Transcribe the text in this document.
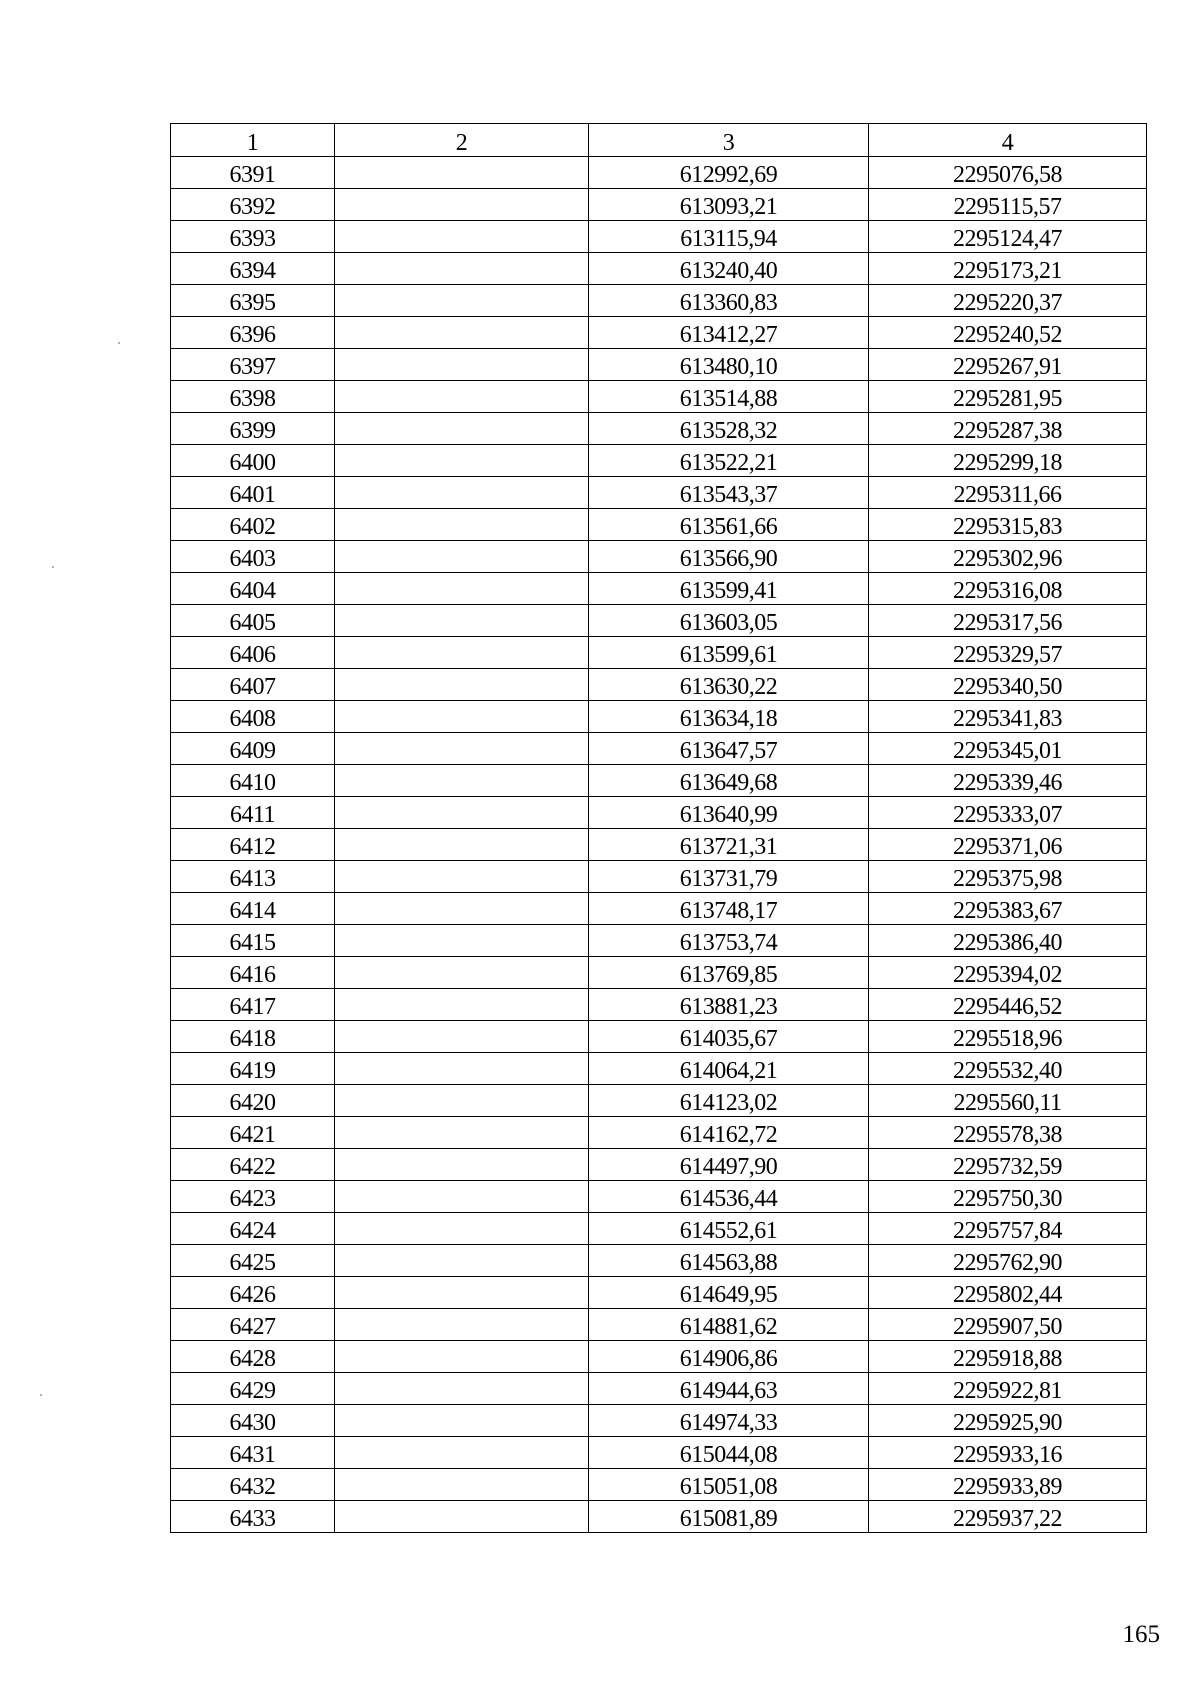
1	2	3	4
6391		612992,69	2295076,58
6392		613093,21	2295115,57
6393		613115,94	2295124,47
6394		613240,40	2295173,21
6395		613360,83	2295220,37
6396		613412,27	2295240,52
6397		613480,10	2295267,91
6398		613514,88	2295281,95
6399		613528,32	2295287,38
6400		613522,21	2295299,18
6401		613543,37	2295311,66
6402		613561,66	2295315,83
6403		613566,90	2295302,96
6404		613599,41	2295316,08
6405		613603,05	2295317,56
6406		613599,61	2295329,57
6407		613630,22	2295340,50
6408		613634,18	2295341,83
6409		613647,57	2295345,01
6410		613649,68	2295339,46
6411		613640,99	2295333,07
6412		613721,31	2295371,06
6413		613731,79	2295375,98
6414		613748,17	2295383,67
6415		613753,74	2295386,40
6416		613769,85	2295394,02
6417		613881,23	2295446,52
6418		614035,67	2295518,96
6419		614064,21	2295532,40
6420		614123,02	2295560,11
6421		614162,72	2295578,38
6422		614497,90	2295732,59
6423		614536,44	2295750,30
6424		614552,61	2295757,84
6425		614563,88	2295762,90
6426		614649,95	2295802,44
6427		614881,62	2295907,50
6428		614906,86	2295918,88
6429		614944,63	2295922,81
6430		614974,33	2295925,90
6431		615044,08	2295933,16
6432		615051,08	2295933,89
6433		615081,89	2295937,22
165
